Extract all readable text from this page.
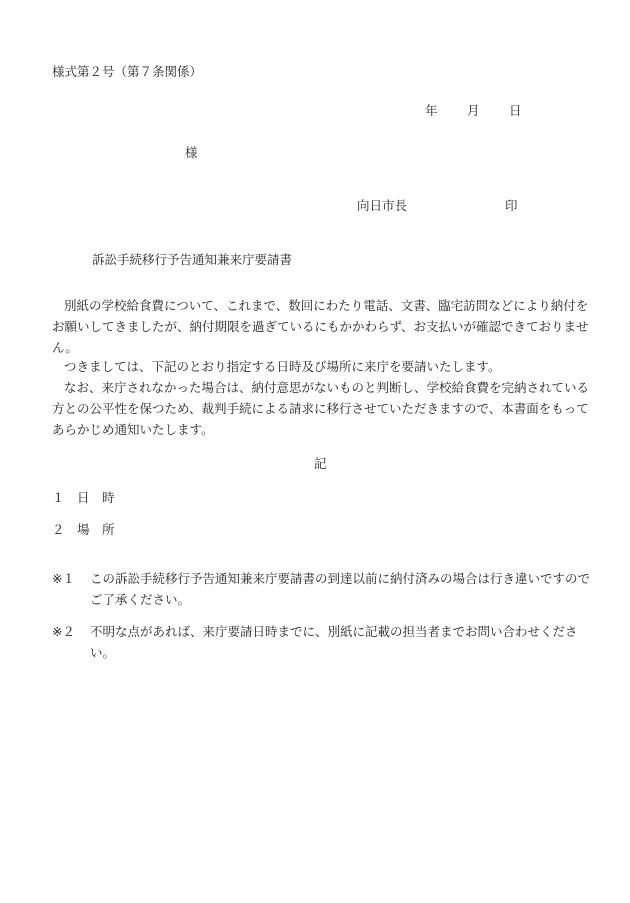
様式第２号（第７条関係）
年 月 日
様
向日市長	印
訴訟手続移行予告通知兼来庁要請書
別紙の学校給食費について、これまで、数回にわたり電話、文書、臨宅訪問などにより納付をお願いしてきましたが、納付期限を過ぎているにもかかわらず、お支払いが確認できておりません。
つきましては、下記のとおり指定する日時及び場所に来庁を要請いたします。
なお、来庁されなかった場合は、納付意思がないものと判断し、学校給食費を完納されている方との公平性を保つため、裁判手続による請求に移行させていただきますので、本書面をもってあらかじめ通知いたします。
記
１ 日　時
２ 場　所
※１	この訴訟手続移行予告通知兼来庁要請書の到達以前に納付済みの場合は行き違いですのでご了承ください。
※２	不明な点があれば、来庁要請日時までに、別紙に記載の担当者までお問い合わせください。
